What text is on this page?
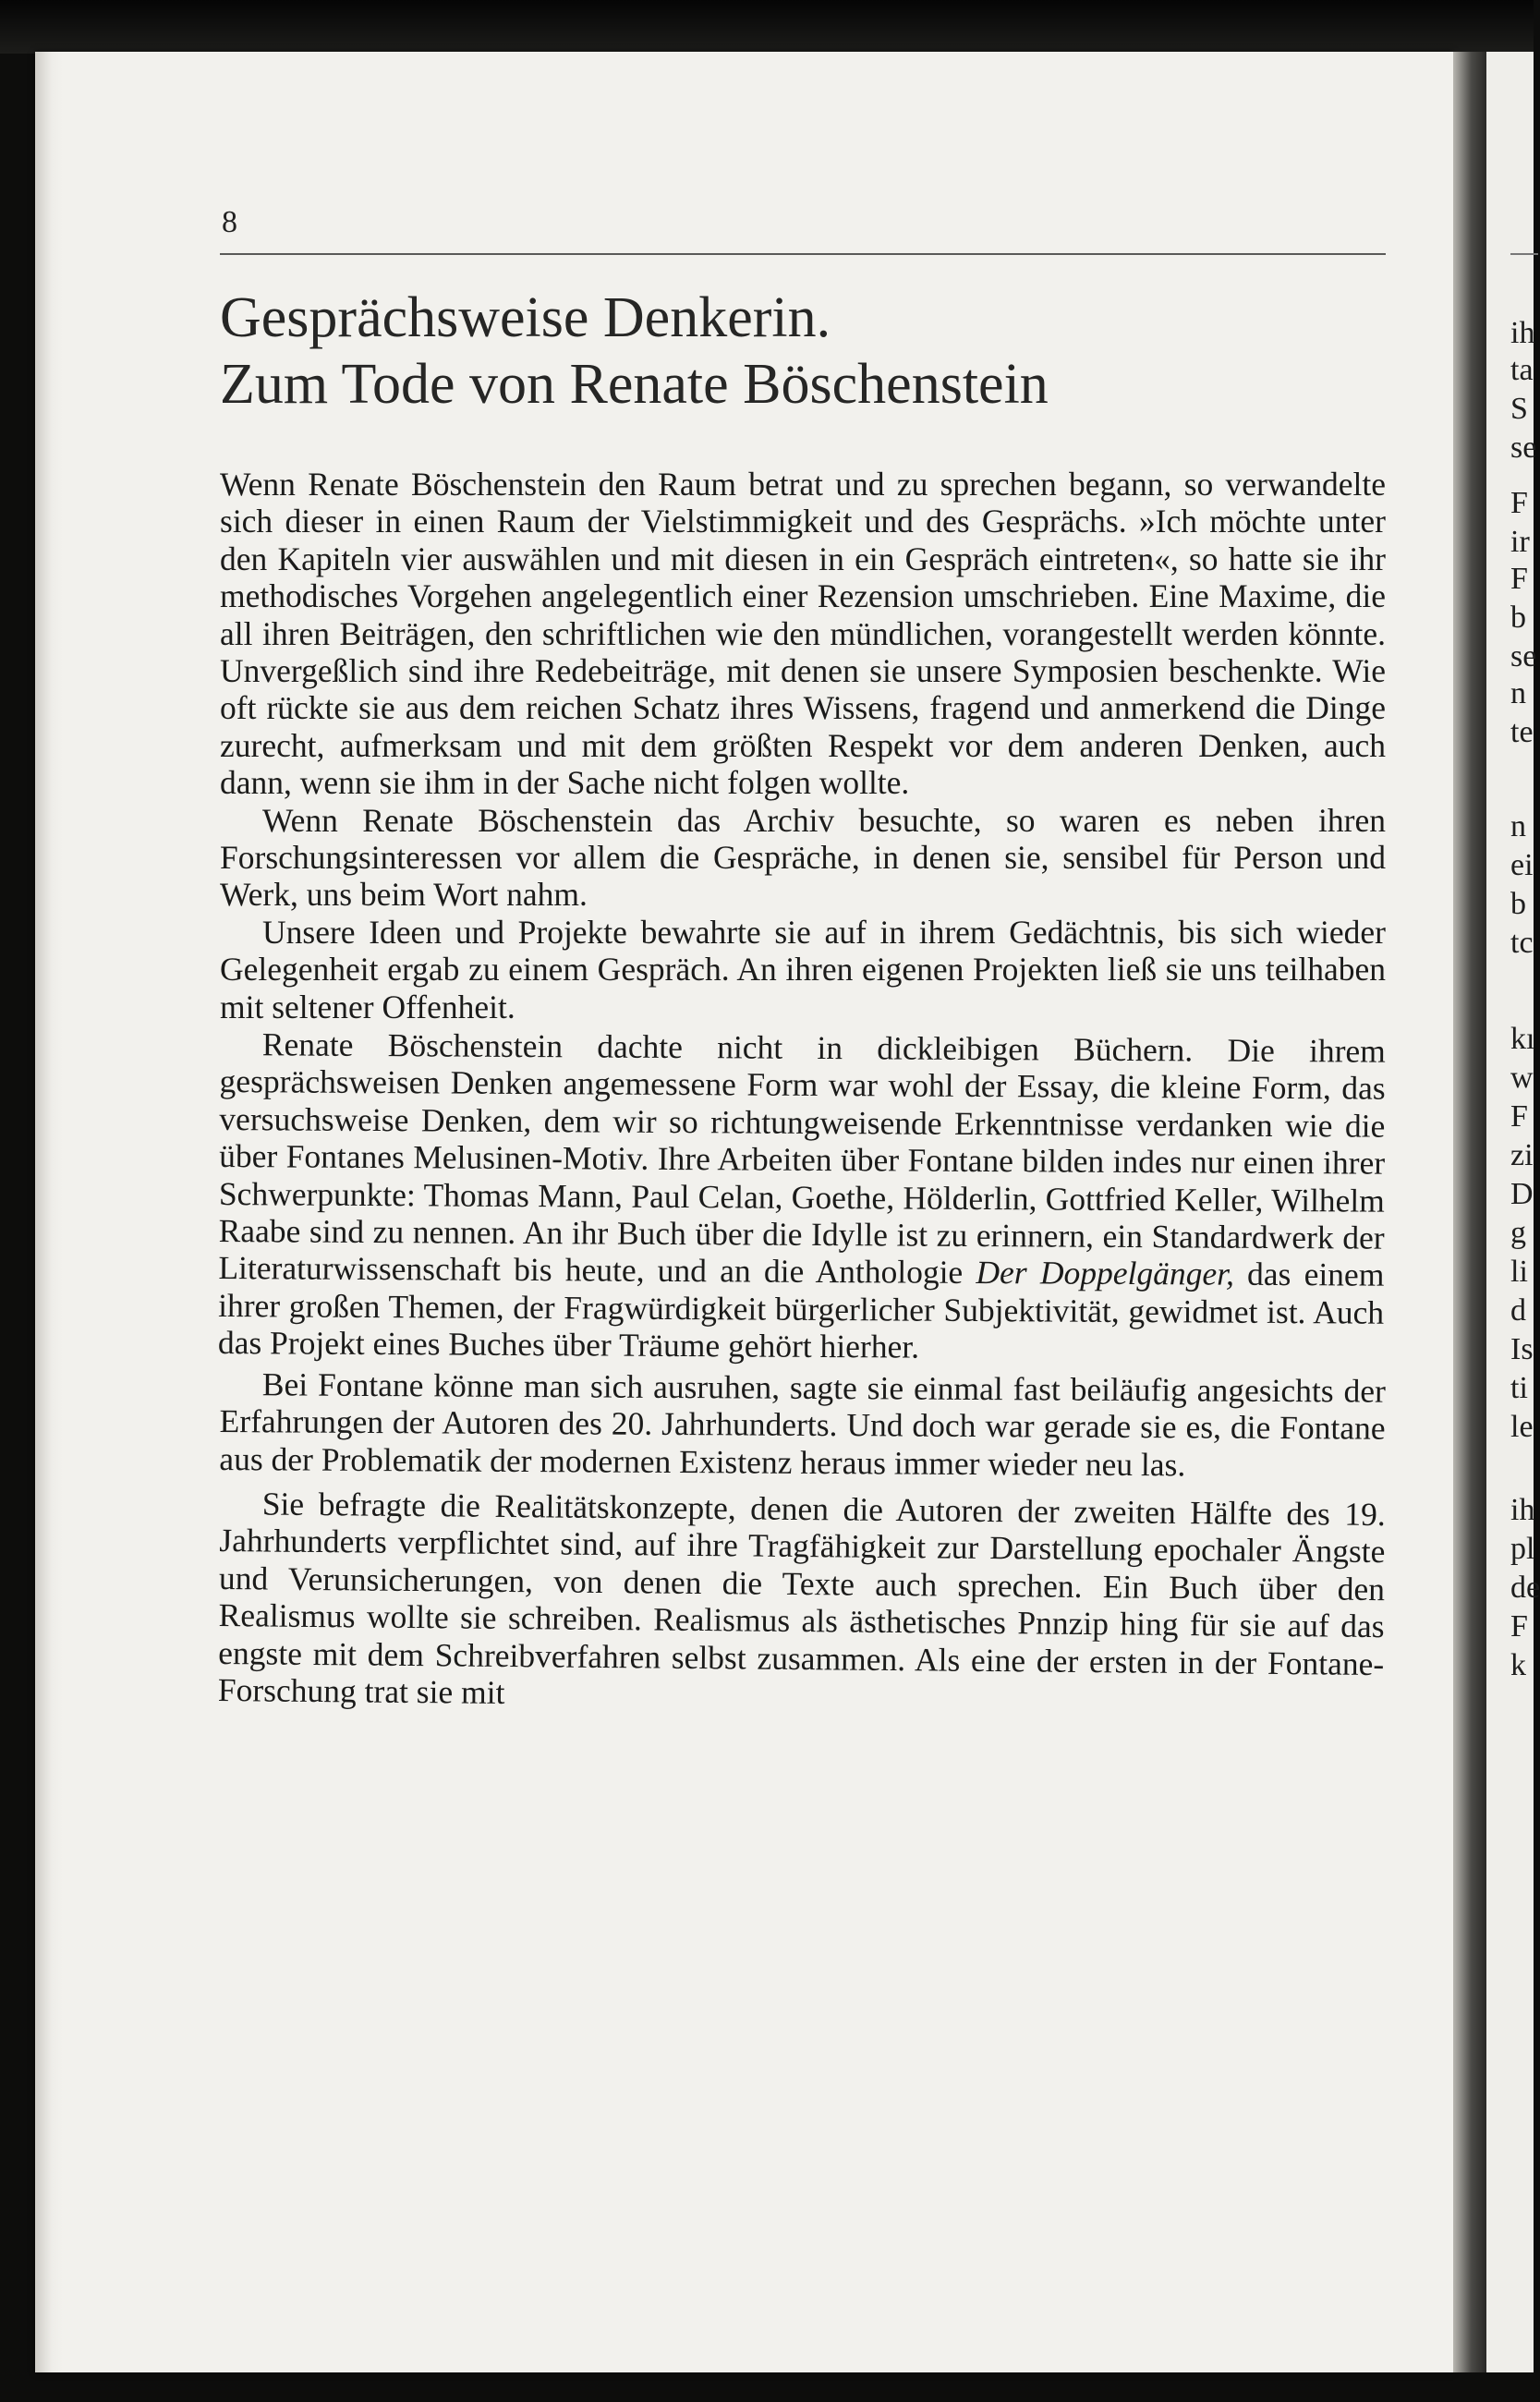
ih
ta
S
se
F
ir
F
b
se
n
te
n
ei
b
tc
kı
w
F
zi
D
g
li
d
Is
ti
le
ih
pl
de
F
k
8
Gesprächsweise Denkerin.
Zum Tode von Renate Böschenstein

Wenn Renate Böschenstein den Raum betrat und zu sprechen begann, so verwandelte sich dieser in einen Raum der Vielstimmigkeit und des Gesprächs. »Ich möchte unter den Kapiteln vier auswählen und mit diesen in ein Gespräch eintreten«, so hatte sie ihr methodisches Vorgehen angelegentlich einer Rezension umschrieben. Eine Maxime, die all ihren Beiträgen, den schriftlichen wie den mündlichen, vorangestellt werden könnte. Unvergeßlich sind ihre Redebeiträge, mit denen sie unsere Symposien beschenkte. Wie oft rückte sie aus dem reichen Schatz ihres Wissens, fragend und anmerkend die Dinge zurecht, aufmerksam und mit dem größten Respekt vor dem anderen Denken, auch dann, wenn sie ihm in der Sache nicht folgen wollte.

Wenn Renate Böschenstein das Archiv besuchte, so waren es neben ihren Forschungsinteressen vor allem die Gespräche, in denen sie, sensibel für Person und Werk, uns beim Wort nahm.

Unsere Ideen und Projekte bewahrte sie auf in ihrem Gedächtnis, bis sich wieder Gelegenheit ergab zu einem Gespräch. An ihren eigenen Projekten ließ sie uns teilhaben mit seltener Offenheit.

Renate Böschenstein dachte nicht in dickleibigen Büchern. Die ihrem gesprächsweisen Denken angemessene Form war wohl der Essay, die kleine Form, das versuchsweise Denken, dem wir so richtungweisende Erkenntnisse verdanken wie die über Fontanes Melusinen-Motiv. Ihre Arbeiten über Fontane bilden indes nur einen ihrer Schwerpunkte: Thomas Mann, Paul Celan, Goethe, Hölderlin, Gottfried Keller, Wilhelm Raabe sind zu nennen. An ihr Buch über die Idylle ist zu erinnern, ein Standardwerk der Literaturwissenschaft bis heute, und an die Anthologie Der Doppelgänger, das einem ihrer großen Themen, der Fragwürdigkeit bürgerlicher Subjektivität, gewidmet ist. Auch das Projekt eines Buches über Träume gehört hierher.

Bei Fontane könne man sich ausruhen, sagte sie einmal fast beiläufig angesichts der Erfahrungen der Autoren des 20. Jahrhunderts. Und doch war gerade sie es, die Fontane aus der Problematik der modernen Existenz heraus immer wieder neu las.

Sie befragte die Realitätskonzepte, denen die Autoren der zweiten Hälfte des 19. Jahrhunderts verpflichtet sind, auf ihre Tragfähigkeit zur Darstellung epochaler Ängste und Verunsicherungen, von denen die Texte auch sprechen. Ein Buch über den Realismus wollte sie schreiben. Realismus als ästhetisches Pnnzip hing für sie auf das engste mit dem Schreibverfahren selbst zusammen. Als eine der ersten in der Fontane-Forschung trat sie mit
